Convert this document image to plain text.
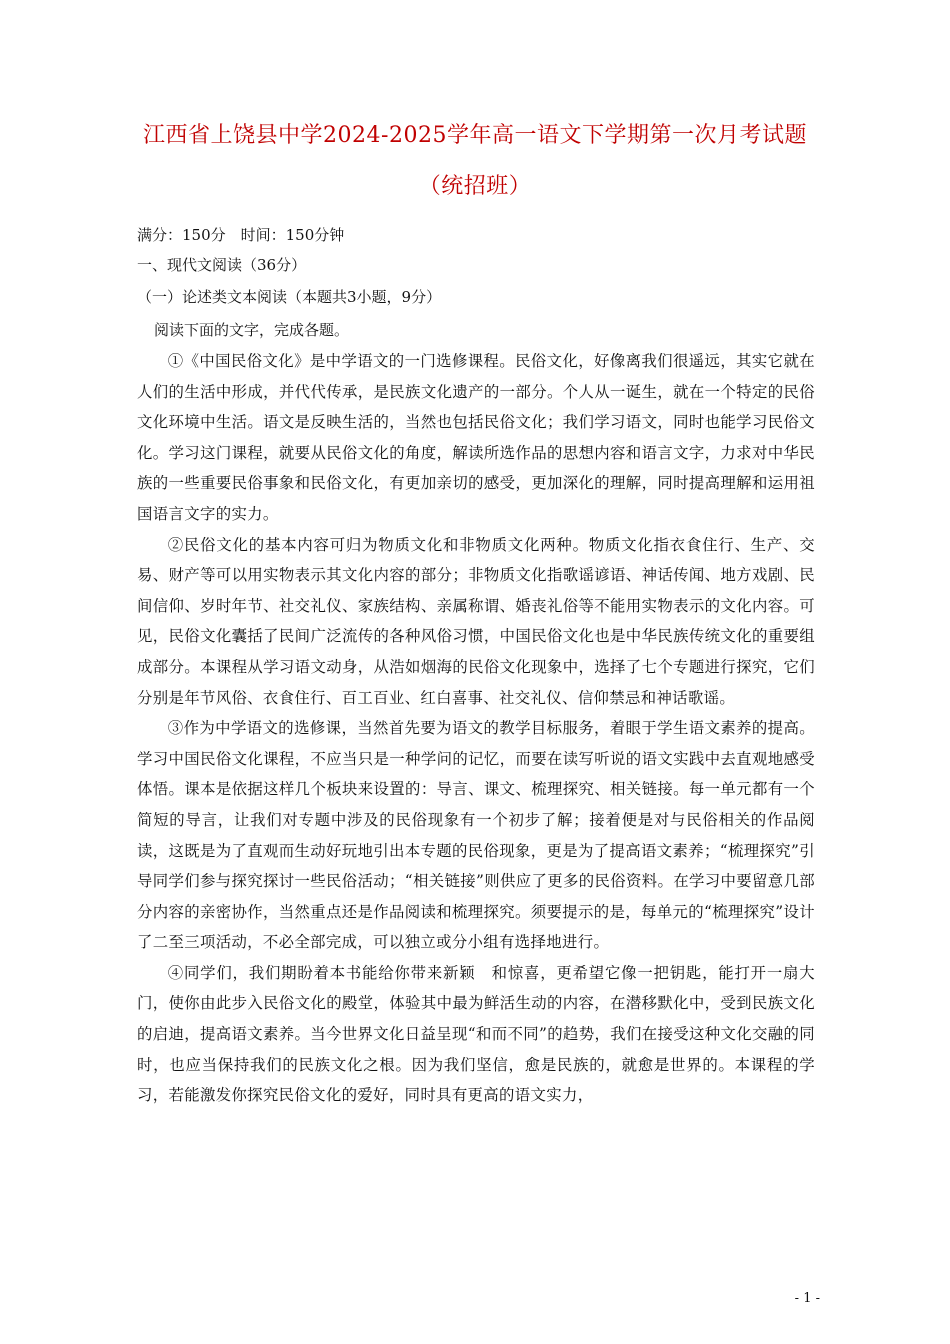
江西省上饶县中学2024-2025学年高一语文下学期第一次月考试题
（统招班）
满分：150分　时间：150分钟
一、现代文阅读（36分）
（一）论述类文本阅读（本题共3小题，9分）
阅读下面的文字，完成各题。

①《中国民俗文化》是中学语文的一门选修课程。民俗文化，好像离我们很遥远，其实它就在人们的生活中形成，并代代传承，是民族文化遗产的一部分。个人从一诞生，就在一个特定的民俗文化环境中生活。语文是反映生活的，当然也包括民俗文化；我们学习语文，同时也能学习民俗文化。学习这门课程，就要从民俗文化的角度，解读所选作品的思想内容和语言文字，力求对中华民族的一些重要民俗事象和民俗文化，有更加亲切的感受，更加深化的理解，同时提高理解和运用祖国语言文字的实力。

②民俗文化的基本内容可归为物质文化和非物质文化两种。物质文化指衣食住行、生产、交易、财产等可以用实物表示其文化内容的部分；非物质文化指歌谣谚语、神话传闻、地方戏剧、民间信仰、岁时年节、社交礼仪、家族结构、亲属称谓、婚丧礼俗等不能用实物表示的文化内容。可见，民俗文化囊括了民间广泛流传的各种风俗习惯，中国民俗文化也是中华民族传统文化的重要组成部分。本课程从学习语文动身，从浩如烟海的民俗文化现象中，选择了七个专题进行探究，它们分别是年节风俗、衣食住行、百工百业、红白喜事、社交礼仪、信仰禁忌和神话歌谣。

③作为中学语文的选修课，当然首先要为语文的教学目标服务，着眼于学生语文素养的提高。学习中国民俗文化课程，不应当只是一种学问的记忆，而要在读写听说的语文实践中去直观地感受体悟。课本是依据这样几个板块来设置的：导言、课文、梳理探究、相关链接。每一单元都有一个简短的导言，让我们对专题中涉及的民俗现象有一个初步了解；接着便是对与民俗相关的作品阅读，这既是为了直观而生动好玩地引出本专题的民俗现象，更是为了提高语文素养；“梳理探究”引导同学们参与探究探讨一些民俗活动；“相关链接”则供应了更多的民俗资料。在学习中要留意几部分内容的亲密协作，当然重点还是作品阅读和梳理探究。须要提示的是，每单元的“梳理探究”设计了二至三项活动，不必全部完成，可以独立或分小组有选择地进行。

④同学们，我们期盼着本书能给你带来新颖　和惊喜，更希望它像一把钥匙，能打开一扇大门，使你由此步入民俗文化的殿堂，体验其中最为鲜活生动的内容，在潜移默化中，受到民族文化的启迪，提高语文素养。当今世界文化日益呈现“和而不同”的趋势，我们在接受这种文化交融的同时，也应当保持我们的民族文化之根。因为我们坚信，愈是民族的，就愈是世界的。本课程的学习，若能激发你探究民俗文化的爱好，同时具有更高的语文实力，

- 1 -
